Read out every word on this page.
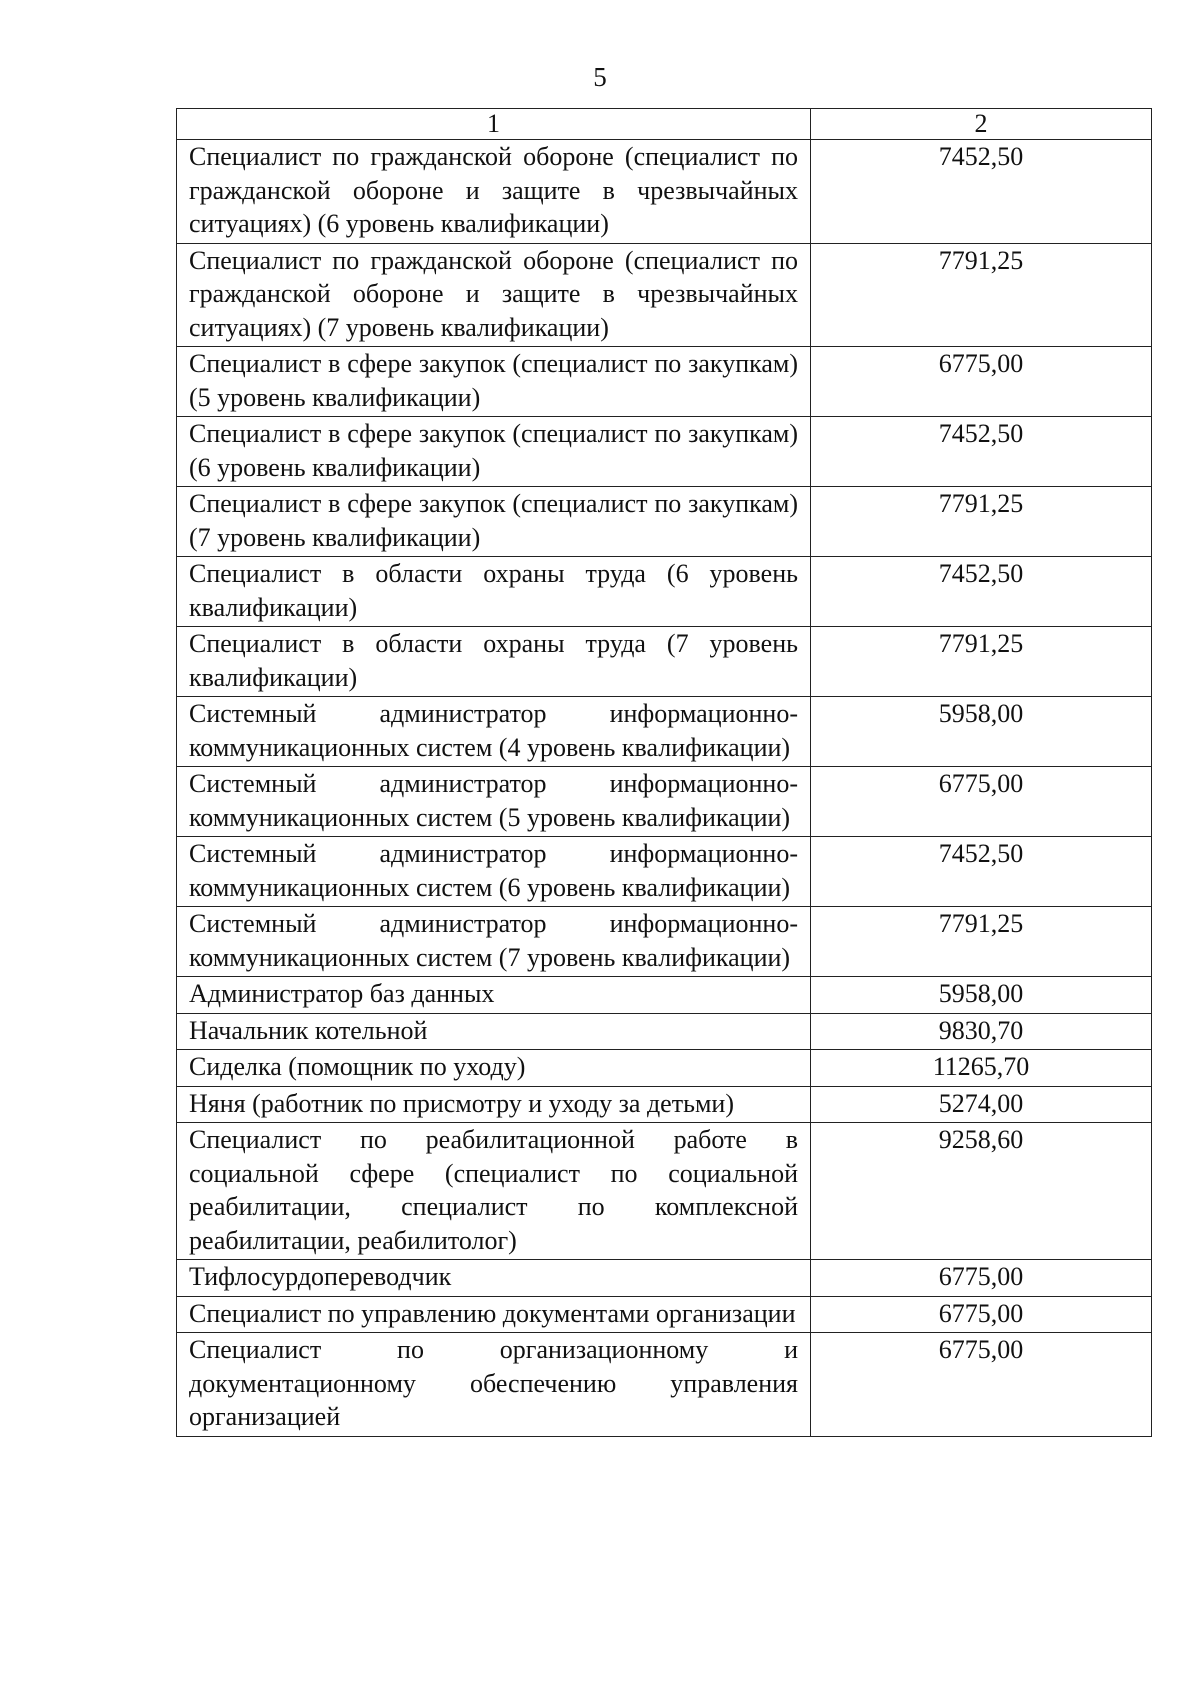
5
1	2
Специалист по гражданской обороне (специалист по гражданской обороне и защите в чрезвычайных ситуациях) (6 уровень квалификации)	7452,50
Специалист по гражданской обороне (специалист по гражданской обороне и защите в чрезвычайных ситуациях) (7 уровень квалификации)	7791,25
Специалист в сфере закупок (специалист по закупкам) (5 уровень квалификации)	6775,00
Специалист в сфере закупок (специалист по закупкам) (6 уровень квалификации)	7452,50
Специалист в сфере закупок (специалист по закупкам) (7 уровень квалификации)	7791,25
Специалист в области охраны труда (6 уровень квалификации)	7452,50
Специалист в области охраны труда (7 уровень квалификации)	7791,25
Системный администратор информационно-коммуникационных систем (4 уровень квалификации)	5958,00
Системный администратор информационно-коммуникационных систем (5 уровень квалификации)	6775,00
Системный администратор информационно-коммуникационных систем (6 уровень квалификации)	7452,50
Системный администратор информационно-коммуникационных систем (7 уровень квалификации)	7791,25
Администратор баз данных	5958,00
Начальник котельной	9830,70
Сиделка (помощник по уходу)	11265,70
Няня (работник по присмотру и уходу за детьми)	5274,00
Специалист по реабилитационной работе в социальной сфере (специалист по социальной реабилитации, специалист по комплексной реабилитации, реабилитолог)	9258,60
Тифлосурдопереводчик	6775,00
Специалист по управлению документами организации	6775,00
Специалист по организационному и документационному обеспечению управления организацией	6775,00
